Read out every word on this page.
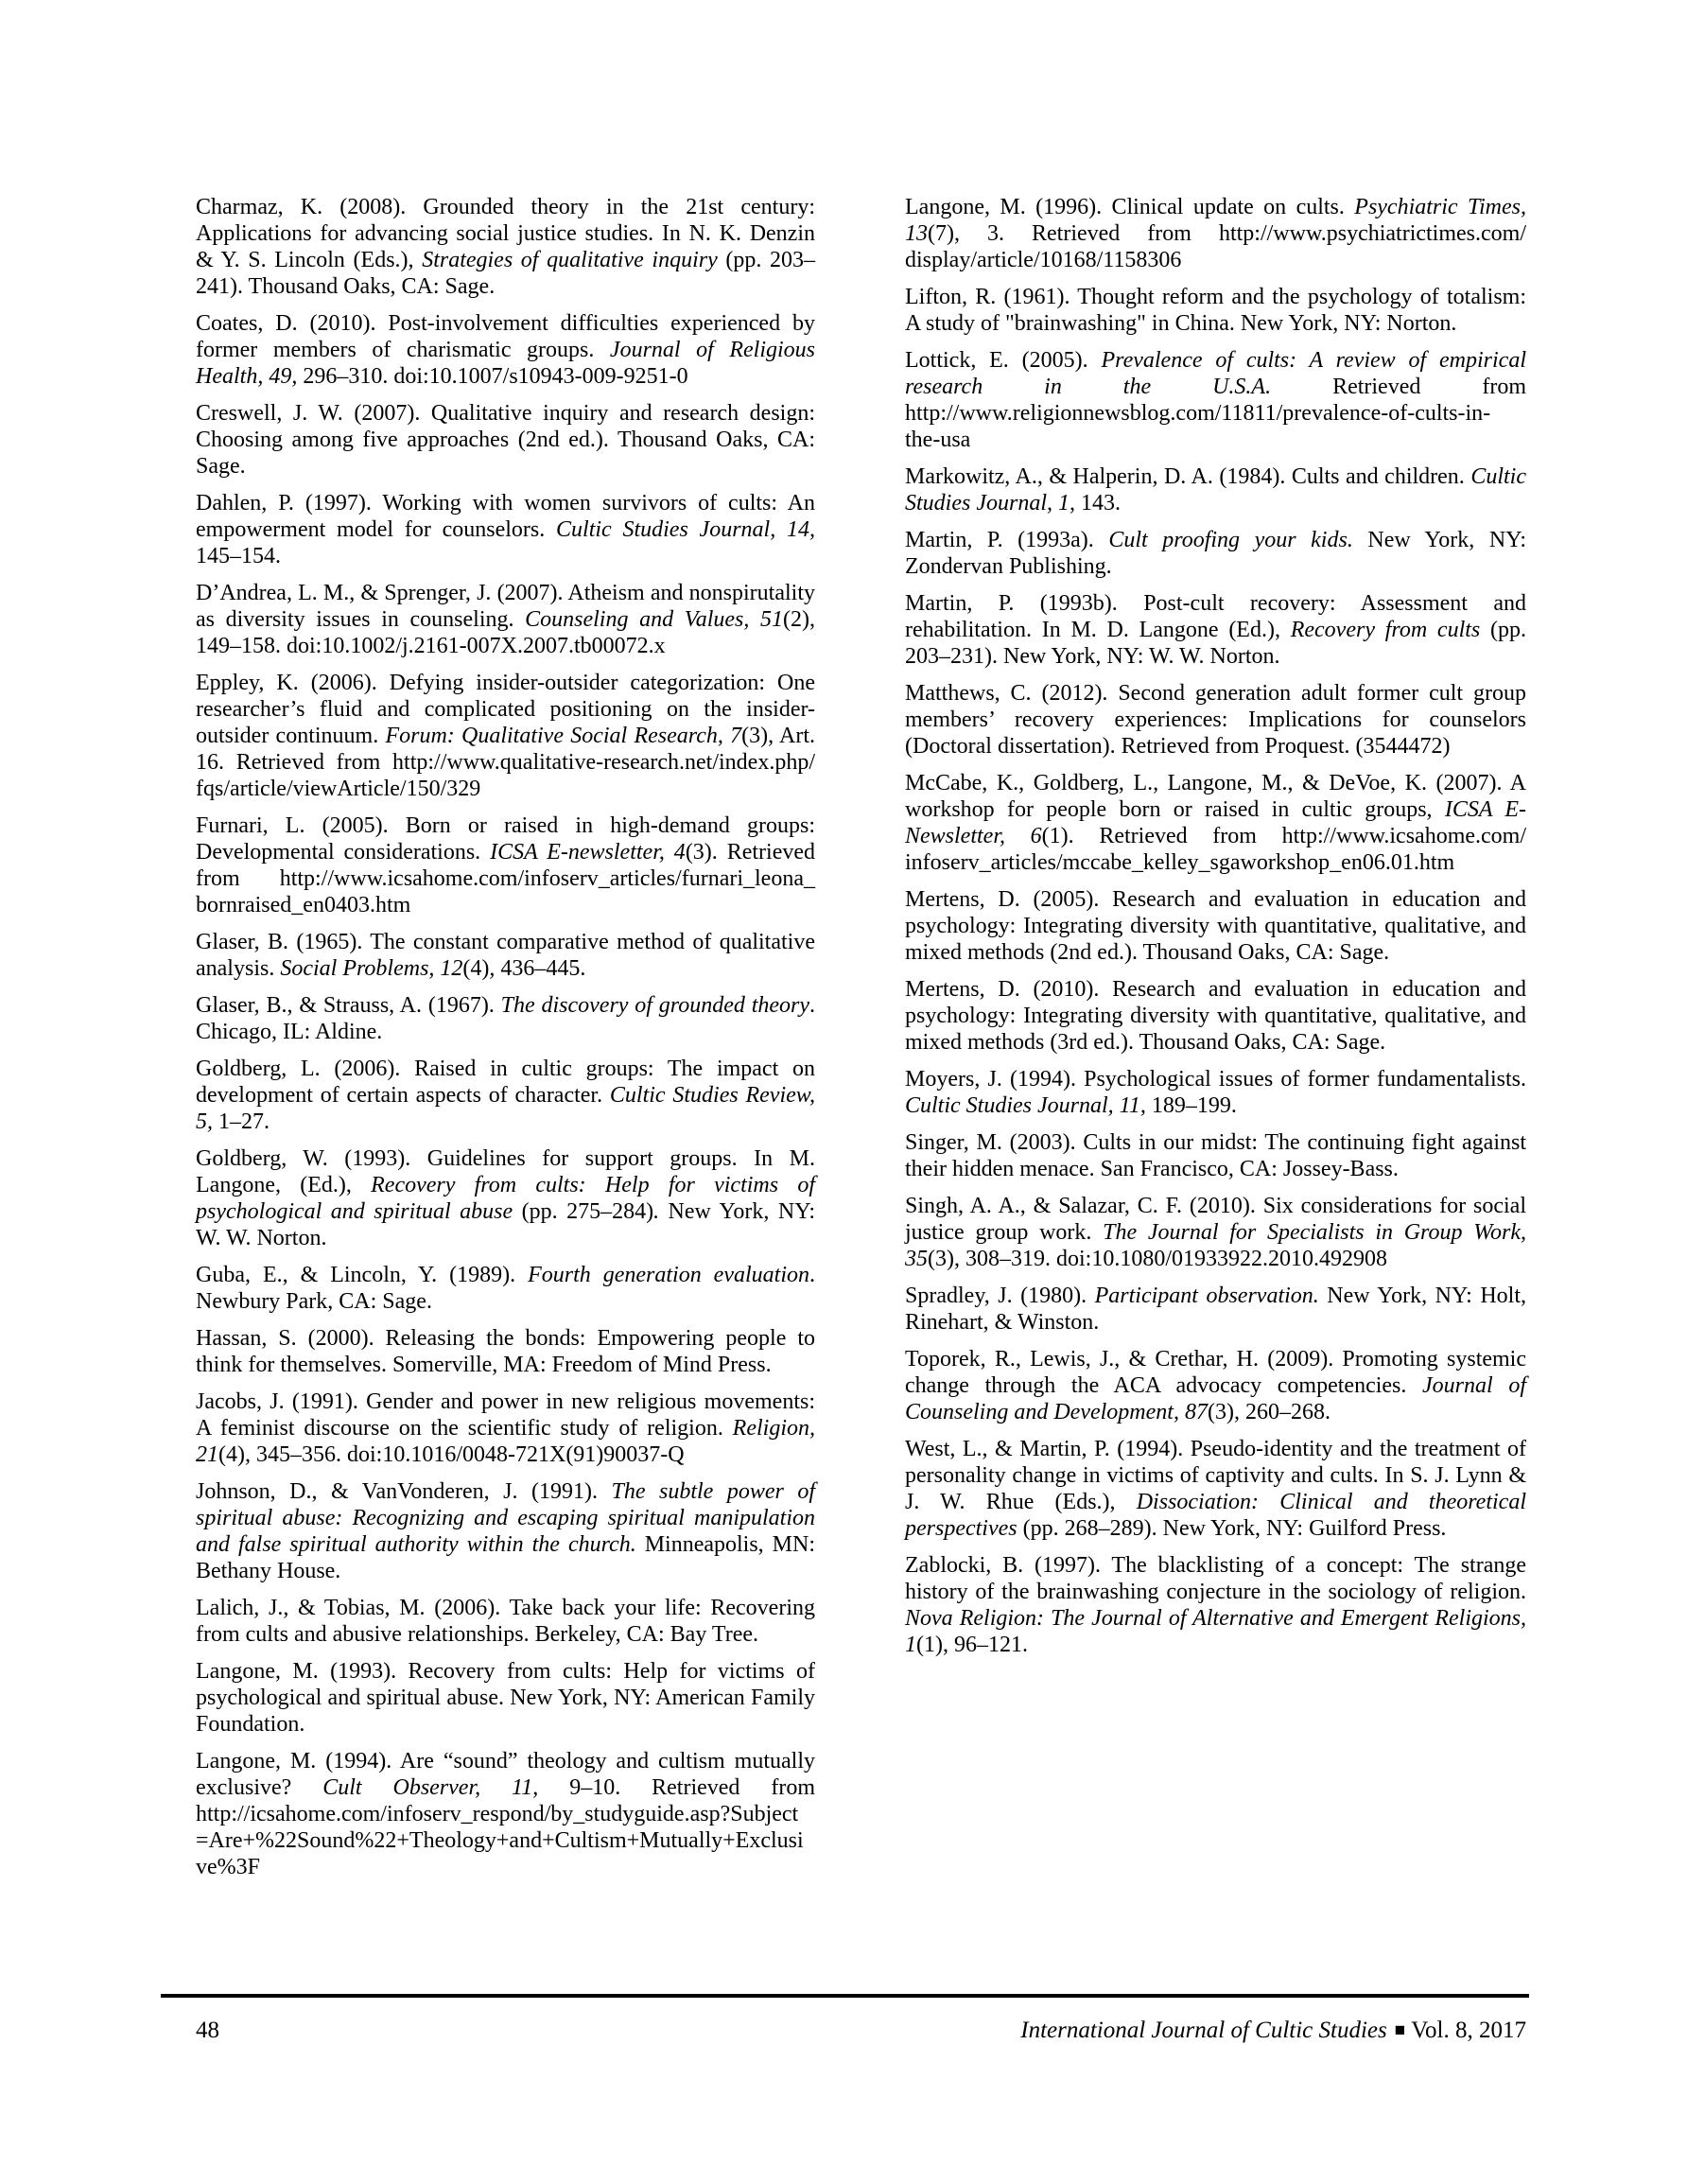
Charmaz, K. (2008). Grounded theory in the 21st century: Applications for advancing social justice studies. In N. K. Denzin & Y. S. Lincoln (Eds.), Strategies of qualitative inquiry (pp. 203–241). Thousand Oaks, CA: Sage.

Coates, D. (2010). Post-involvement difficulties experienced by former members of charismatic groups. Journal of Religious Health, 49, 296–310. doi:10.1007/s10943-009-9251-0

Creswell, J. W. (2007). Qualitative inquiry and research design: Choosing among five approaches (2nd ed.). Thousand Oaks, CA: Sage.

Dahlen, P. (1997). Working with women survivors of cults: An empowerment model for counselors. Cultic Studies Journal, 14, 145–154.

D’Andrea, L. M., & Sprenger, J. (2007). Atheism and nonspirutality as diversity issues in counseling. Counseling and Values, 51(2), 149–158. doi:10.1002/j.2161-007X.2007.tb00072.x

Eppley, K. (2006). Defying insider-outsider categorization: One researcher’s fluid and complicated positioning on the insider-outsider continuum. Forum: Qualitative Social Research, 7(3), Art. 16. Retrieved from http://www.qualitative-research.net/index.php/ fqs/article/viewArticle/150/329

Furnari, L. (2005). Born or raised in high-demand groups: Developmental considerations. ICSA E-newsletter, 4(3). Retrieved from http://www.icsahome.com/infoserv_articles/furnari_leona_ bornraised_en0403.htm

Glaser, B. (1965). The constant comparative method of qualitative analysis. Social Problems, 12(4), 436–445.

Glaser, B., & Strauss, A. (1967). The discovery of grounded theory. Chicago, IL: Aldine.

Goldberg, L. (2006). Raised in cultic groups: The impact on development of certain aspects of character. Cultic Studies Review, 5, 1–27.

Goldberg, W. (1993). Guidelines for support groups. In M. Langone, (Ed.), Recovery from cults: Help for victims of psychological and spiritual abuse (pp. 275–284). New York, NY: W. W. Norton.

Guba, E., & Lincoln, Y. (1989). Fourth generation evaluation. Newbury Park, CA: Sage.

Hassan, S. (2000). Releasing the bonds: Empowering people to think for themselves. Somerville, MA: Freedom of Mind Press.

Jacobs, J. (1991). Gender and power in new religious movements: A feminist discourse on the scientific study of religion. Religion, 21(4), 345–356. doi:10.1016/0048-721X(91)90037-Q

Johnson, D., & VanVonderen, J. (1991). The subtle power of spiritual abuse: Recognizing and escaping spiritual manipulation and false spiritual authority within the church. Minneapolis, MN: Bethany House.

Lalich, J., & Tobias, M. (2006). Take back your life: Recovering from cults and abusive relationships. Berkeley, CA: Bay Tree.

Langone, M. (1993). Recovery from cults: Help for victims of psychological and spiritual abuse. New York, NY: American Family Foundation.

Langone, M. (1994). Are “sound” theology and cultism mutually exclusive? Cult Observer, 11, 9–10. Retrieved from http://icsahome.com/infoserv_respond/by_studyguide.asp?Subject =Are+%22Sound%22+Theology+and+Cultism+Mutually+Exclusi ve%3F

Langone, M. (1996). Clinical update on cults. Psychiatric Times, 13(7), 3. Retrieved from http://www.psychiatrictimes.com/ display/article/10168/1158306

Lifton, R. (1961). Thought reform and the psychology of totalism: A study of "brainwashing" in China. New York, NY: Norton.

Lottick, E. (2005). Prevalence of cults: A review of empirical research in the U.S.A. Retrieved from http://www.religionnewsblog.com/11811/prevalence-of-cults-in- the-usa

Markowitz, A., & Halperin, D. A. (1984). Cults and children. Cultic Studies Journal, 1, 143.

Martin, P. (1993a). Cult proofing your kids. New York, NY: Zondervan Publishing.

Martin, P. (1993b). Post-cult recovery: Assessment and rehabilitation. In M. D. Langone (Ed.), Recovery from cults (pp. 203–231). New York, NY: W. W. Norton.

Matthews, C. (2012). Second generation adult former cult group members’ recovery experiences: Implications for counselors (Doctoral dissertation). Retrieved from Proquest. (3544472)

McCabe, K., Goldberg, L., Langone, M., & DeVoe, K. (2007). A workshop for people born or raised in cultic groups, ICSA E-Newsletter, 6(1). Retrieved from http://www.icsahome.com/ infoserv_articles/mccabe_kelley_sgaworkshop_en06.01.htm

Mertens, D. (2005). Research and evaluation in education and psychology: Integrating diversity with quantitative, qualitative, and mixed methods (2nd ed.). Thousand Oaks, CA: Sage.

Mertens, D. (2010). Research and evaluation in education and psychology: Integrating diversity with quantitative, qualitative, and mixed methods (3rd ed.). Thousand Oaks, CA: Sage.

Moyers, J. (1994). Psychological issues of former fundamentalists. Cultic Studies Journal, 11, 189–199.

Singer, M. (2003). Cults in our midst: The continuing fight against their hidden menace. San Francisco, CA: Jossey-Bass.

Singh, A. A., & Salazar, C. F. (2010). Six considerations for social justice group work. The Journal for Specialists in Group Work, 35(3), 308–319. doi:10.1080/01933922.2010.492908

Spradley, J. (1980). Participant observation. New York, NY: Holt, Rinehart, & Winston.

Toporek, R., Lewis, J., & Crethar, H. (2009). Promoting systemic change through the ACA advocacy competencies. Journal of Counseling and Development, 87(3), 260–268.

West, L., & Martin, P. (1994). Pseudo-identity and the treatment of personality change in victims of captivity and cults. In S. J. Lynn & J. W. Rhue (Eds.), Dissociation: Clinical and theoretical perspectives (pp. 268–289). New York, NY: Guilford Press.

Zablocki, B. (1997). The blacklisting of a concept: The strange history of the brainwashing conjecture in the sociology of religion. Nova Religion: The Journal of Alternative and Emergent Religions, 1(1), 96–121.

48	International Journal of Cultic Studies ■ Vol. 8, 2017
